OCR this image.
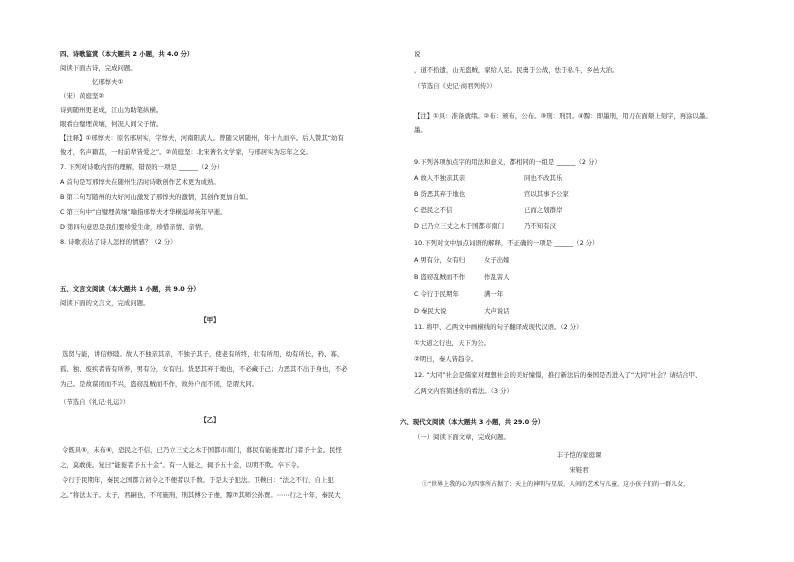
四、诗歌鉴赏（本大题共 2 小题，共 4.0 分）
阅读下面古诗，完成问题。
忆邢惇夫①
（宋）黄庭坚②
诗到随州更老成，江山为助笔纵横。
眼看白璧埋黄壤，何况人间父子情。
【注释】①邢惇夫：原名邢居实，字惇夫，河南阳武人。曾随父居随州，年十九而卒。后人赞其“幼有
俊才，名声籍甚，一时前辈皆爱之”。②黄庭坚：北宋著名文学家，与邢居实为忘年之交。
7. 下列对诗歌内容的理解，错误的一项是 ______（2 分）
A 首句是写邢惇夫在随州生活时诗歌创作艺术更为成熟。
B 第二句写随州的大好河山激发了邢惇夫的激情，其创作更加自如。
C 第三句中“白璧埋黄壤”喻指邢惇夫才华横溢却英年早逝。
D 第四句意思是我们要珍爱生命，珍惜亲情、亲情。
8. 诗歌表达了诗人怎样的情感？（2 分）
五、文言文阅读（本大题共 1 小题，共 9.0 分）
阅读下面的文言文，完成问题。
【甲】
选贤与能，讲信修睦。故人不独亲其亲，不独子其子，使老有所终，壮有所用，幼有所长，矜、寡、
孤、独、废疾者皆有所养，男有分，女有归。货恶其弃于地也，不必藏于己；力恶其不出于身也，不必
为己。是故谋闭而不兴，盗窃乱贼而不作，故外户而不闭，是谓大同。
（节选自《礼记·礼运》）
【乙】
令既具⑤，未布⑥，恐民之不信，已乃立三丈之木于国都市南门，募民有能徙置北门者予十金。民怪
之，莫敢徙。复曰“能徙者予五十金”。有一人徙之，辄予五十金，以明不欺。卒下令。
令行于民期年，秦民之国都言初令之不便者以千数。于是太子犯法。卫鞅曰：“法之不行，自上犯
之。”将法太子。太子，君嗣也，不可施刑，刑其傅公子虔，黥⑦其师公孙贾。⋯⋯行之十年，秦民大
说
，道不拾遗，山无盗贼，家给人足。民勇于公战，怯于私斗，乡邑大治。
（节选自《史记·商君列传》）
【注】①具：准备就绪。②布：颁布，公布。③刑：刑罚。④黥：即墨刑，用刀在面颊上刻字，再涂以墨。
墨。
9.下列各项加点字的用法和意义，都相同的一组是 ______（2 分）
A 故人不独亲其亲	同也不改其乐
B 货恶其弃于地也	官以其事予公家
C 恐民之不信	已而之划群岸
D 已乃立三丈之木于国都市南门	乃不知有汉
10.下列对文中加点词语的解释，不正确的一项是 ______（2 分）
A 男有分，女有归	女子出嫁
B 盗窃乱贼而不作	作乱害人
C 令行于民期年	满一年
D 秦民大说	大声说话
11. 将甲、乙两文中画横线的句子翻译成现代汉语。（2 分）
①大道之行也，天下为公。
②明日，秦人皆趋令。
12. “大同”社会是儒家对理想社会的美好憧憬，推行新法后的秦国是否进入了“大同”社会？请结合甲、
乙两文内容简述你的看法。（3 分）
六、现代文阅读（本大题共 3 小题，共 29.0 分）
（一）阅读下面文章，完成问题。
丰子恺的家庭课
宋鞋君
①“世界上我的心为四事所占据了：天上的神明与星辰，人间的艺术与儿童。这小孩子们的一群儿女，
